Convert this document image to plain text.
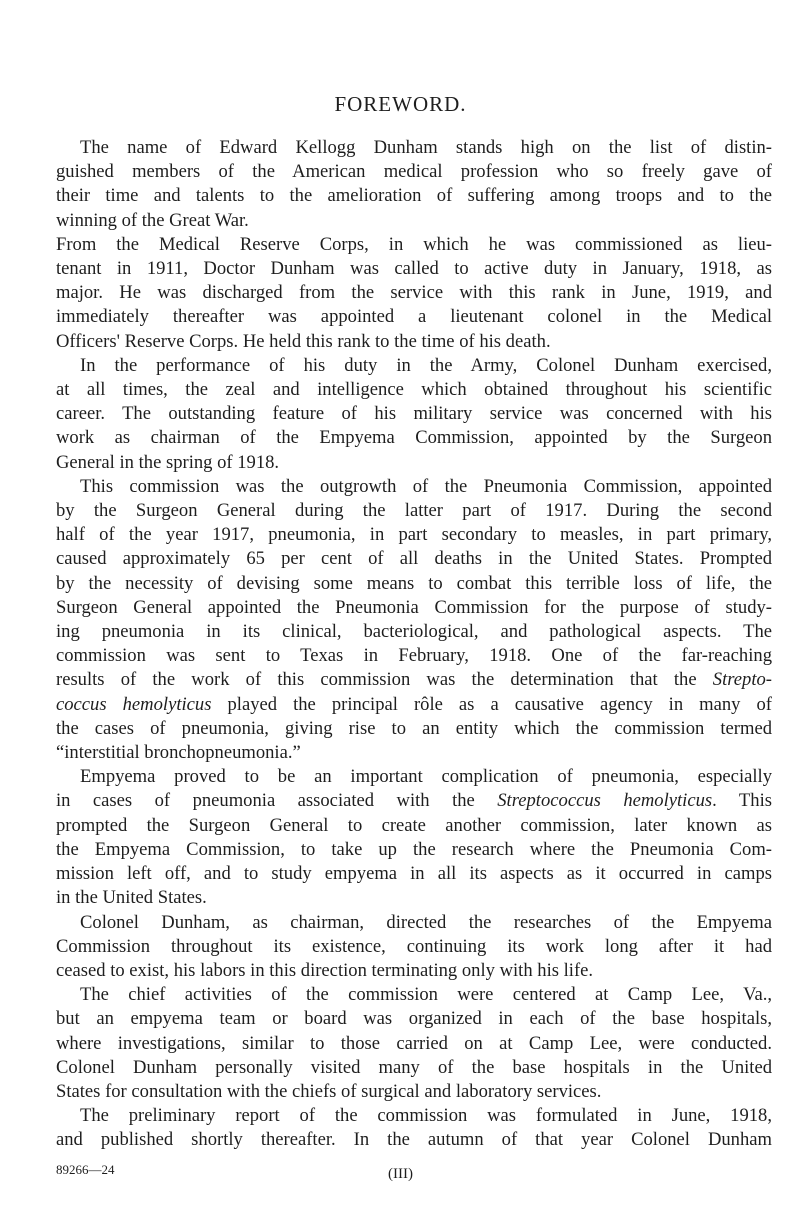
FOREWORD.

The name of Edward Kellogg Dunham stands high on the list of distin-
guished members of the American medical profession who so freely gave of
their time and talents to the amelioration of suffering among troops and to the
winning of the Great War.

From the Medical Reserve Corps, in which he was commissioned as lieu-
tenant in 1911, Doctor Dunham was called to active duty in January, 1918, as
major. He was discharged from the service with this rank in June, 1919, and
immediately thereafter was appointed a lieutenant colonel in the Medical
Officers' Reserve Corps. He held this rank to the time of his death.

In the performance of his duty in the Army, Colonel Dunham exercised,
at all times, the zeal and intelligence which obtained throughout his scientific
career. The outstanding feature of his military service was concerned with his
work as chairman of the Empyema Commission, appointed by the Surgeon
General in the spring of 1918.

This commission was the outgrowth of the Pneumonia Commission, appointed
by the Surgeon General during the latter part of 1917. During the second
half of the year 1917, pneumonia, in part secondary to measles, in part primary,
caused approximately 65 per cent of all deaths in the United States. Prompted
by the necessity of devising some means to combat this terrible loss of life, the
Surgeon General appointed the Pneumonia Commission for the purpose of study-
ing pneumonia in its clinical, bacteriological, and pathological aspects. The
commission was sent to Texas in February, 1918. One of the far-reaching
results of the work of this commission was the determination that the Strepto-
coccus hemolyticus played the principal rôle as a causative agency in many of
the cases of pneumonia, giving rise to an entity which the commission termed
“interstitial bronchopneumonia.”

Empyema proved to be an important complication of pneumonia, especially
in cases of pneumonia associated with the Streptococcus hemolyticus. This
prompted the Surgeon General to create another commission, later known as
the Empyema Commission, to take up the research where the Pneumonia Com-
mission left off, and to study empyema in all its aspects as it occurred in camps
in the United States.

Colonel Dunham, as chairman, directed the researches of the Empyema
Commission throughout its existence, continuing its work long after it had
ceased to exist, his labors in this direction terminating only with his life.

The chief activities of the commission were centered at Camp Lee, Va.,
but an empyema team or board was organized in each of the base hospitals,
where investigations, similar to those carried on at Camp Lee, were conducted.
Colonel Dunham personally visited many of the base hospitals in the United
States for consultation with the chiefs of surgical and laboratory services.

The preliminary report of the commission was formulated in June, 1918,
and published shortly thereafter. In the autumn of that year Colonel Dunham

89266—24	(III)
